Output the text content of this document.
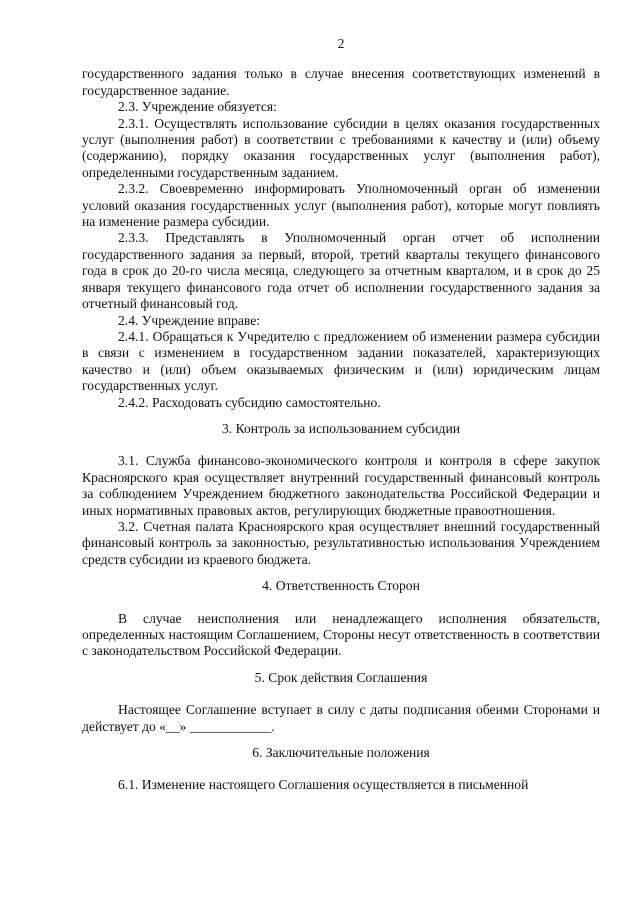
2

государственного задания только в случае внесения соответствующих изменений в государственное задание.

2.3. Учреждение обязуется:

2.3.1. Осуществлять использование субсидии в целях оказания государственных услуг (выполнения работ) в соответствии с требованиями к качеству и (или) объему (содержанию), порядку оказания государственных услуг (выполнения работ), определенными государственным заданием.

2.3.2. Своевременно информировать Уполномоченный орган об изменении условий оказания государственных услуг (выполнения работ), которые могут повлиять на изменение размера субсидии.

2.3.3. Представлять в Уполномоченный орган отчет об исполнении государственного задания за первый, второй, третий кварталы текущего финансового года в срок до 20-го числа месяца, следующего за отчетным кварталом, и в срок до 25 января текущего финансового года отчет об исполнении государственного задания за отчетный финансовый год.

2.4. Учреждение вправе:

2.4.1. Обращаться к Учредителю с предложением об изменении размера субсидии в связи с изменением в государственном задании показателей, характеризующих качество и (или) объем оказываемых физическим и (или) юридическим лицам государственных услуг.

2.4.2. Расходовать субсидию самостоятельно.

3. Контроль за использованием субсидии

3.1. Служба финансово-экономического контроля и контроля в сфере закупок Красноярского края осуществляет внутренний государственный финансовый контроль за соблюдением Учреждением бюджетного законодательства Российской Федерации и иных нормативных правовых актов, регулирующих бюджетные правоотношения.

3.2. Счетная палата Красноярского края осуществляет внешний государственный финансовый контроль за законностью, результативностью использования Учреждением средств субсидии из краевого бюджета.

4. Ответственность Сторон

В случае неисполнения или ненадлежащего исполнения обязательств, определенных настоящим Соглашением, Стороны несут ответственность в соответствии с законодательством Российской Федерации.

5. Срок действия Соглашения

Настоящее Соглашение вступает в силу с даты подписания обеими Сторонами и действует до «__» ____________.

6. Заключительные положения

6.1. Изменение настоящего Соглашения осуществляется в письменной
